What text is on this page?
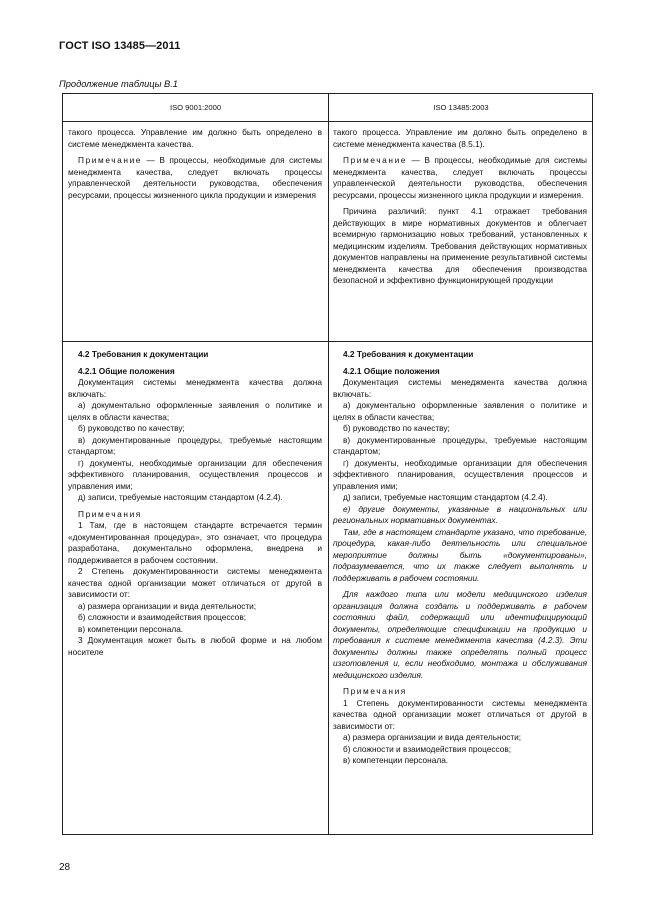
ГОСТ ISO 13485—2011
Продолжение таблицы В.1
ISO 9001:2000	ISO 13485:2003

такого процесса. Управление им должно быть определено в системе менеджмента качества.

Примечание — В процессы, необходимые для системы менеджмента качества, следует включать процессы управленческой деятельности руководства, обеспечения ресурсами, процессы жизненного цикла продукции и измерения

такого процесса. Управление им должно быть определено в системе менеджмента качества (8.5.1).

Примечание — В процессы, необходимые для системы менеджмента качества, следует включать процессы управленческой деятельности руководства, обеспечения ресурсами, процессы жизненного цикла продукции и измерения.

Причина различий: пункт 4.1 отражает требования действующих в мире нормативных документов и облегчает всемирную гармонизацию новых требований, установленных к медицинским изделиям. Требования действующих нормативных документов направлены на применение результативной системы менеджмента качества для обеспечения производства безопасной и эффективно функционирующей продукции

4.2 Требования к документации

4.2.1 Общие положения

Документация системы менеджмента качества должна включать:

a) документально оформленные заявления о политике и целях в области качества;

б) руководство по качеству;

в) документированные процедуры, требуемые настоящим стандартом;

г) документы, необходимые организации для обеспечения эффективного планирования, осуществления процессов и управления ими;

д) записи, требуемые настоящим стандартом (4.2.4).

Примечания

1 Там, где в настоящем стандарте встречается термин «документированная процедура», это означает, что процедура разработана, документально оформлена, внедрена и поддерживается в рабочем состоянии.

2 Степень документированности системы менеджмента качества одной организации может отличаться от другой в зависимости от:

а) размера организации и вида деятельности;

б) сложности и взаимодействия процессов;

в) компетенции персонала.

3 Документация может быть в любой форме и на любом носителе

4.2 Требования к документации

4.2.1 Общие положения

Документация системы менеджмента качества должна включать:

a) документально оформленные заявления о политике и целях в области качества;

б) руководство по качеству;

в) документированные процедуры, требуемые настоящим стандартом;

г) документы, необходимые организации для обеспечения эффективного планирования, осуществления процессов и управления ими;

д) записи, требуемые настоящим стандартом (4.2.4).

е) другие документы, указанные в национальных или региональных нормативных документах.

Там, где в настоящем стандарте указано, что требование, процедура, какая-либо деятельность или специальное мероприятие должны быть «документированы», подразумевается, что их также следует выполнять и поддерживать в рабочем состоянии.

Для каждого типа или модели медицинского изделия организация должна создать и поддерживать в рабочем состоянии файл, содержащий или идентифицирующий документы, определяющие спецификации на продукцию и требования к системе менеджмента качества (4.2.3). Эти документы должны также определять полный процесс изготовления и, если необходимо, монтажа и обслуживания медицинского изделия.

Примечания

1 Степень документированности системы менеджмента качества одной организации может отличаться от другой в зависимости от:

а) размера организации и вида деятельности;

б) сложности и взаимодействия процессов;

в) компетенции персонала.

28
